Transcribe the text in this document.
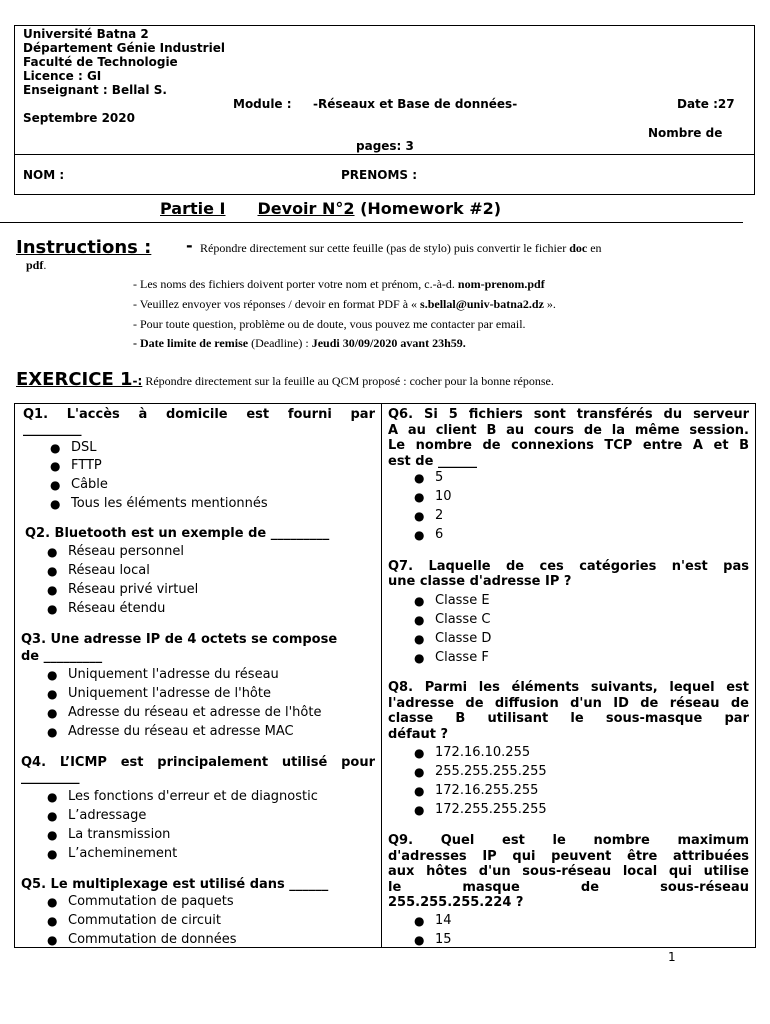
Université Batna 2
Département Génie Industriel
Faculté de Technologie
Licence : GI
Enseignant : Bellal S.
Module : -Réseaux et Base de données-	Date :27
Septembre 2020
Nombre de
pages: 3
NOM :	PRENOMS :
Partie I Devoir N°2 (Homework #2)
Instructions : - Répondre directement sur cette feuille (pas de stylo) puis convertir le fichier doc en
pdf.
- Les noms des fichiers doivent porter votre nom et prénom, c.-à-d. nom-prenom.pdf
- Veuillez envoyer vos réponses / devoir en format PDF à « s.bellal@univ-batna2.dz ».
- Pour toute question, problème ou de doute, vous pouvez me contacter par email.
- Date limite de remise (Deadline) : Jeudi 30/09/2020 avant 23h59.
EXERCICE 1-: Répondre directement sur la feuille au QCM proposé : cocher pour la bonne réponse.
Q1. L'accès à domicile est fourni par
_________
● DSL
● FTTP
● Câble
● Tous les éléments mentionnés
Q2. Bluetooth est un exemple de _________
● Réseau personnel
● Réseau local
● Réseau privé virtuel
● Réseau étendu
Q3. Une adresse IP de 4 octets se compose
de _________
● Uniquement l'adresse du réseau
● Uniquement l'adresse de l'hôte
● Adresse du réseau et adresse de l'hôte
● Adresse du réseau et adresse MAC
Q4. L’ICMP est principalement utilisé pour
_________
● Les fonctions d'erreur et de diagnostic
● L’adressage
● La transmission
● L’acheminement
Q5. Le multiplexage est utilisé dans ______
● Commutation de paquets
● Commutation de circuit
● Commutation de données
Q6. Si 5 fichiers sont transférés du serveur
A au client B au cours de la même session.
Le nombre de connexions TCP entre A et B
est de ______
● 5
● 10
● 2
● 6
Q7. Laquelle de ces catégories n'est pas
une classe d'adresse IP ?
● Classe E
● Classe C
● Classe D
● Classe F
Q8. Parmi les éléments suivants, lequel est
l'adresse de diffusion d'un ID de réseau de
classe B utilisant le sous-masque par
défaut ?
● 172.16.10.255
● 255.255.255.255
● 172.16.255.255
● 172.255.255.255
Q9. Quel est le nombre maximum
d'adresses IP qui peuvent être attribuées
aux hôtes d'un sous-réseau local qui utilise
le masque de sous-réseau
255.255.255.224 ?
● 14
● 15
1
